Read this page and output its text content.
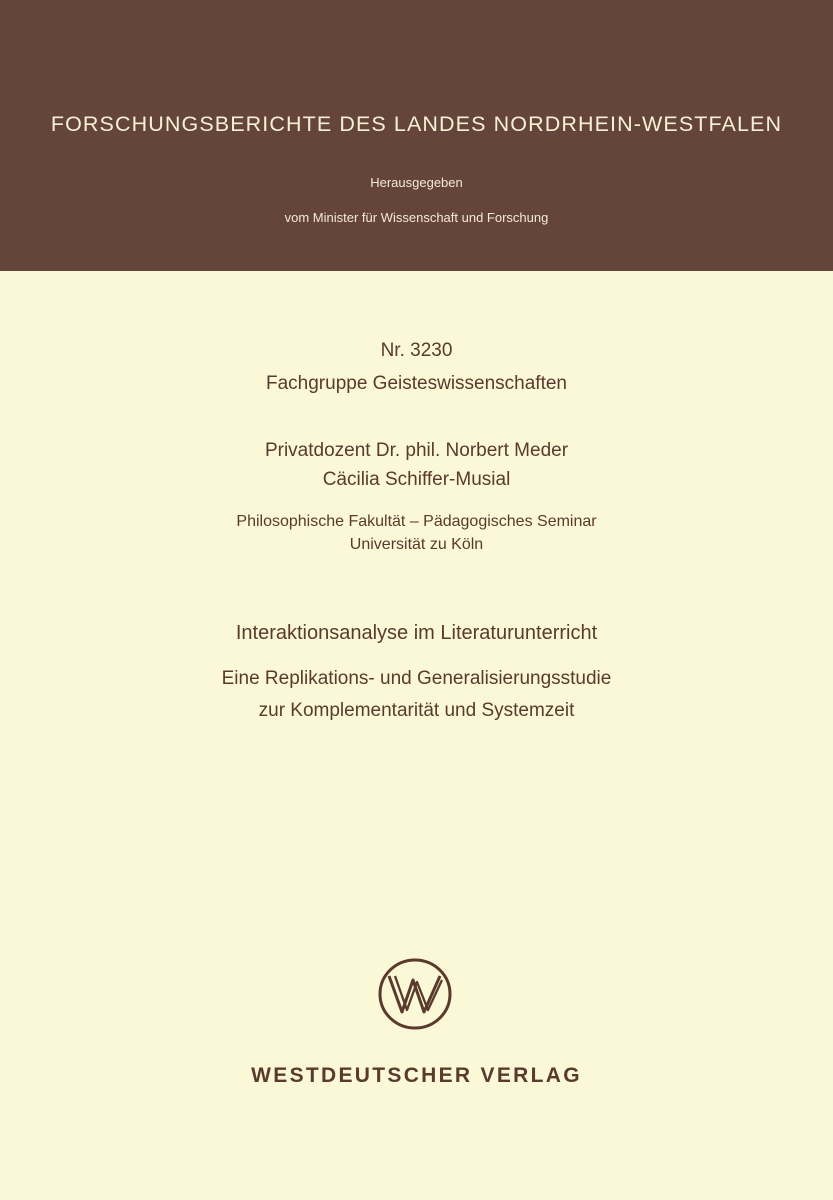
FORSCHUNGSBERICHTE DES LANDES NORDRHEIN-WESTFALEN
Herausgegeben
vom Minister für Wissenschaft und Forschung
Nr. 3230
Fachgruppe Geisteswissenschaften
Privatdozent Dr. phil. Norbert Meder
Cäcilia Schiffer-Musial
Philosophische Fakultät – Pädagogisches Seminar
Universität zu Köln
Interaktionsanalyse im Literaturunterricht
Eine Replikations- und Generalisierungsstudie
zur Komplementarität und Systemzeit
WESTDEUTSCHER VERLAG
